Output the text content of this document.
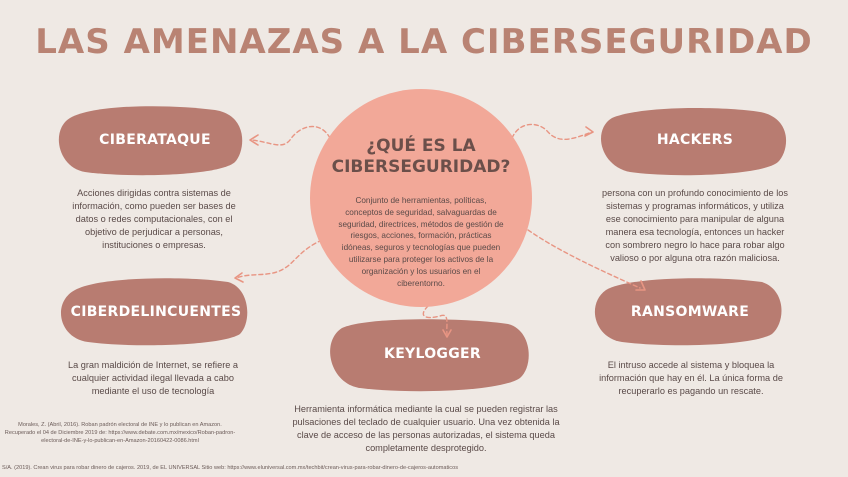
LAS AMENAZAS A LA CIBERSEGURIDAD
CIBERATAQUE	HACKERS
CIBERDELINCUENTES	RANSOMWARE
KEYLOGGER

¿QUÉ ES LA CIBERSEGURIDAD?

Conjunto de herramientas, políticas, conceptos de seguridad, salvaguardas de seguridad, directrices, métodos de gestión de riesgos, acciones, formación, prácticas idóneas, seguros y tecnologías que pueden utilizarse para proteger los activos de la organización y los usuarios en el ciberentorno.

Acciones dirigidas contra sistemas de información, como pueden ser bases de datos o redes computacionales, con el objetivo de perjudicar a personas, instituciones o empresas.

persona con un profundo conocimiento de los sistemas y programas informáticos, y utiliza ese conocimiento para manipular de alguna manera esa tecnología, entonces un hacker con sombrero negro lo hace para robar algo valioso o por alguna otra razón maliciosa.

La gran maldición de Internet, se refiere a cualquier actividad ilegal llevada a cabo mediante el uso de tecnología

El intruso accede al sistema y bloquea la información que hay en él. La única forma de recuperarlo es pagando un rescate.

Herramienta informática mediante la cual se pueden registrar las pulsaciones del teclado de cualquier usuario. Una vez obtenida la clave de acceso de las personas autorizadas, el sistema queda completamente desprotegido.

Morales, Z. (Abril, 2016). Roban padrón electoral de INE y lo publican en Amazon. Recuperado el 04 de Diciembre 2019 de: https://www.debate.com.mx/mexico/Roban-padron-electoral-de-INE-y-lo-publican-en-Amazon-20160422-0086.html

S/A. (2019). Crean virus para robar dinero de cajeros. 2019, de EL UNIVERSAL Sitio web: https://www.eluniversal.com.mx/techbit/crean-virus-para-robar-dinero-de-cajeros-automaticos
